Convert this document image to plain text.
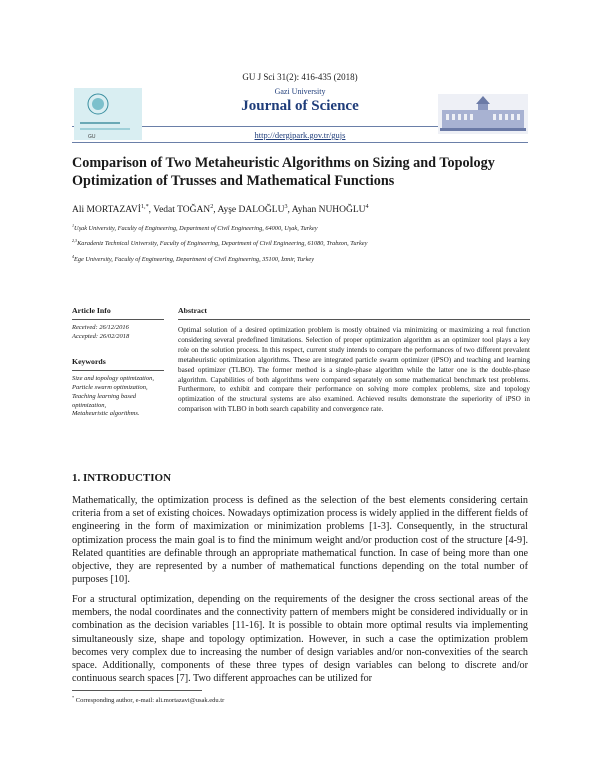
GU J Sci 31(2): 416-435 (2018)
Gazi University
Journal of Science
http://dergipark.gov.tr/gujs
GU
Comparison of Two Metaheuristic Algorithms on Sizing and Topology Optimization of Trusses and Mathematical Functions
Ali $MORTAZAVİ^{1,*}$, Vedat TOĞAN$^2$, Ayşe DALOĞLU$^3$, Ayhan NUHOĞLU$^4$
$^1$Uşak University, Faculty of Engineering, Department of Civil Engineering, 64000, Uşak, Turkey
$^{2,3}$Karadeniz Technical University, Faculty of Engineering, Department of Civil Engineering, 61080, Trabzon, Turkey
$^4$Ege University, Faculty of Engineering, Department of Civil Engineering, 35100, İzmir, Turkey
Article Info
Received: 26/12/2016
Accepted: 26/02/2018
Keywords
Size and topology optimization,
Particle swarm optimization,
Teaching learning based optimization,
Metaheuristic algorithms.
Abstract
Optimal solution of a desired optimization problem is mostly obtained via minimizing or maximizing a real function considering several predefined limitations. Selection of proper optimization algorithm as an optimizer tool plays a key role on the solution process. In this respect, current study intends to compare the performances of two different prevalent metaheuristic optimization algorithms. These are integrated particle swarm optimizer (iPSO) and teaching and learning based optimizer (TLBO). The former method is a single-phase algorithm while the latter one is the double-phase algorithm. Capabilities of both algorithms were compared separately on some mathematical benchmark test problems. Furthermore, to exhibit and compare their performance on solving more complex problems, size and topology optimization of the structural systems are also examined. Achieved results demonstrate the superiority of iPSO in comparison with TLBO in both search capability and convergence rate.
1. INTRODUCTION
Mathematically, the optimization process is defined as the selection of the best elements considering certain criteria from a set of existing choices. Nowadays optimization process is widely applied in the different fields of engineering in the form of maximization or minimization problems [1-3]. Consequently, in the structural optimization process the main goal is to find the minimum weight and/or production cost of the structure [4-9]. Related quantities are definable through an appropriate mathematical function. In case of being more than one objective, they are represented by a number of mathematical functions depending on the total number of purposes [10].
For a structural optimization, depending on the requirements of the designer the cross sectional areas of the members, the nodal coordinates and the connectivity pattern of members might be considered individually or in combination as the decision variables [11-16]. It is possible to obtain more optimal results via implementing simultaneously size, shape and topology optimization. However, in such a case the optimization problem becomes very complex due to increasing the number of design variables and/or non-convexities of the search space. Additionally, components of these three types of design variables can belong to discrete and/or continuous search spaces [7]. Two different approaches can be utilized for
* Corresponding author, e-mail: ali.mortazavi@usak.edu.tr
